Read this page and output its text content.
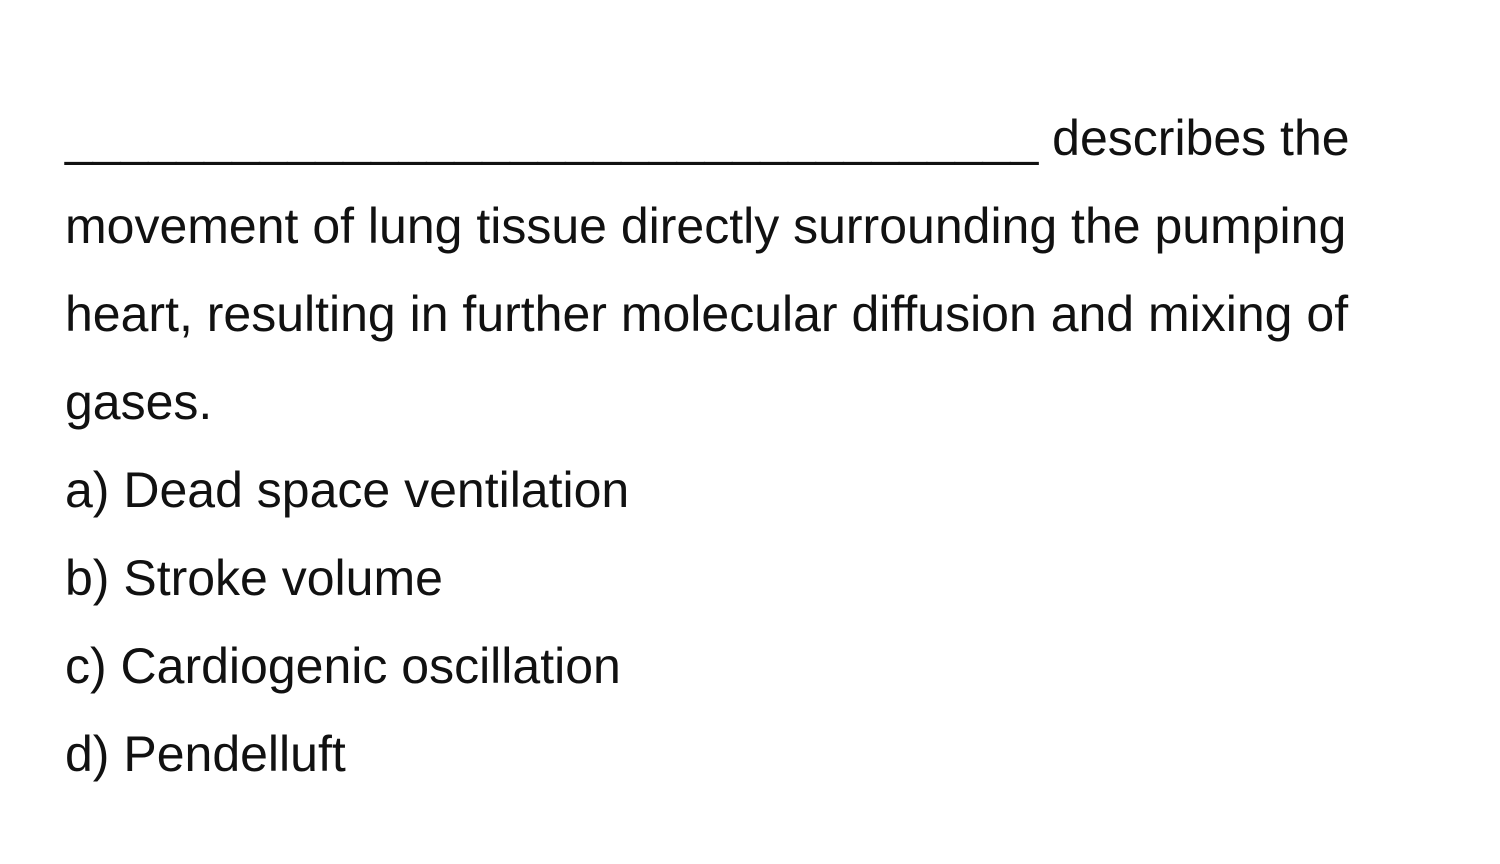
___________________________________ describes the movement of lung tissue directly surrounding the pumping heart, resulting in further molecular diffusion and mixing of gases.

a) Dead space ventilation
b) Stroke volume
c) Cardiogenic oscillation
d) Pendelluft
